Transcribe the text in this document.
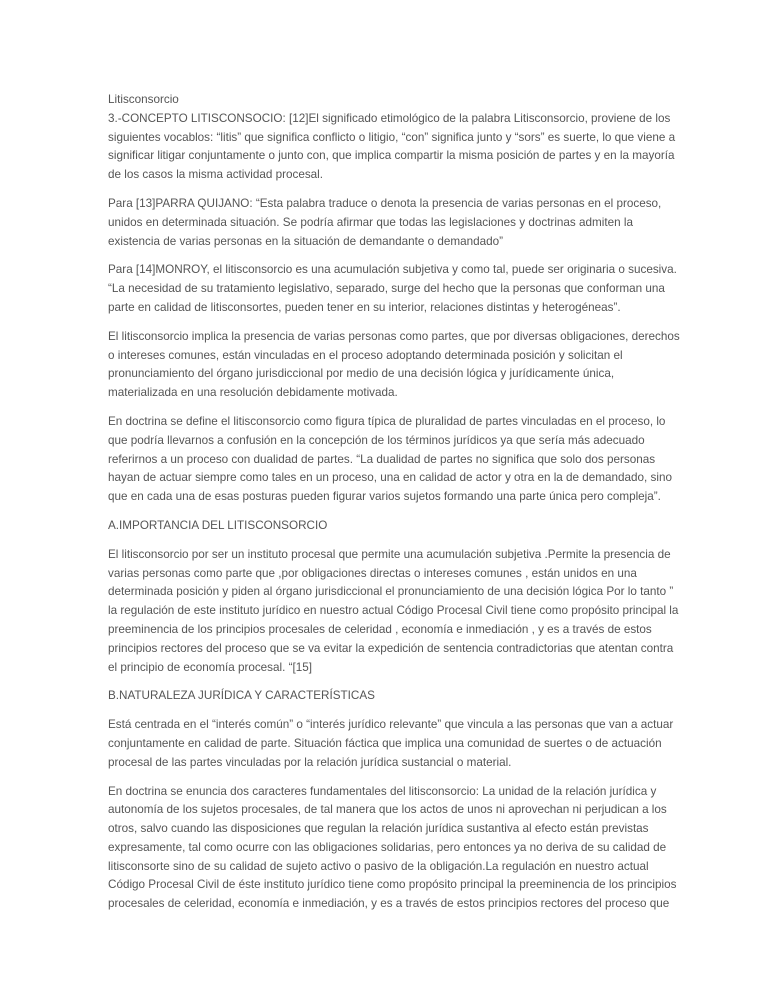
Litisconsorcio
3.-CONCEPTO LITISCONSOCIO: [12]El significado etimológico de la palabra Litisconsorcio, proviene de los
siguientes vocablos: “litis” que significa conflicto o litigio, “con” significa junto y “sors” es suerte, lo que viene a
significar litigar conjuntamente o junto con, que implica compartir la misma posición de partes y en la mayoría
de los casos la misma actividad procesal.

Para [13]PARRA QUIJANO: “Esta palabra traduce o denota la presencia de varias personas en el proceso,
unidos en determinada situación. Se podría afirmar que todas las legislaciones y doctrinas admiten la
existencia de varias personas en la situación de demandante o demandado”

Para [14]MONROY, el litisconsorcio es una acumulación subjetiva y como tal, puede ser originaria o sucesiva.
“La necesidad de su tratamiento legislativo, separado, surge del hecho que la personas que conforman una
parte en calidad de litisconsortes, pueden tener en su interior, relaciones distintas y heterogéneas”.

El litisconsorcio implica la presencia de varias personas como partes, que por diversas obligaciones, derechos
o intereses comunes, están vinculadas en el proceso adoptando determinada posición y solicitan el
pronunciamiento del órgano jurisdiccional por medio de una decisión lógica y jurídicamente única,
materializada en una resolución debidamente motivada.

En doctrina se define el litisconsorcio como figura típica de pluralidad de partes vinculadas en el proceso, lo
que podría llevarnos a confusión en la concepción de los términos jurídicos ya que sería más adecuado
referirnos a un proceso con dualidad de partes. “La dualidad de partes no significa que solo dos personas
hayan de actuar siempre como tales en un proceso, una en calidad de actor y otra en la de demandado, sino
que en cada una de esas posturas pueden figurar varios sujetos formando una parte única pero compleja”.

A.IMPORTANCIA DEL LITISCONSORCIO

El litisconsorcio por ser un instituto procesal que permite una acumulación subjetiva .Permite la presencia de
varias personas como parte que ,por obligaciones directas o intereses comunes , están unidos en una
determinada posición y piden al órgano jurisdiccional el pronunciamiento de una decisión lógica Por lo tanto ”
la regulación de este instituto jurídico en nuestro actual Código Procesal Civil tiene como propósito principal la
preeminencia de los principios procesales de celeridad , economía e inmediación , y es a través de estos
principios rectores del proceso que se va evitar la expedición de sentencia contradictorias que atentan contra
el principio de economía procesal. “[15]

B.NATURALEZA JURÍDICA Y CARACTERÍSTICAS

Está centrada en el “interés común” o “interés jurídico relevante” que vincula a las personas que van a actuar
conjuntamente en calidad de parte. Situación fáctica que implica una comunidad de suertes o de actuación
procesal de las partes vinculadas por la relación jurídica sustancial o material.

En doctrina se enuncia dos caracteres fundamentales del litisconsorcio: La unidad de la relación jurídica y
autonomía de los sujetos procesales, de tal manera que los actos de unos ni aprovechan ni perjudican a los
otros, salvo cuando las disposiciones que regulan la relación jurídica sustantiva al efecto están previstas
expresamente, tal como ocurre con las obligaciones solidarias, pero entonces ya no deriva de su calidad de
litisconsorte sino de su calidad de sujeto activo o pasivo de la obligación.La regulación en nuestro actual
Código Procesal Civil de éste instituto jurídico tiene como propósito principal la preeminencia de los principios
procesales de celeridad, economía e inmediación, y es a través de estos principios rectores del proceso que
